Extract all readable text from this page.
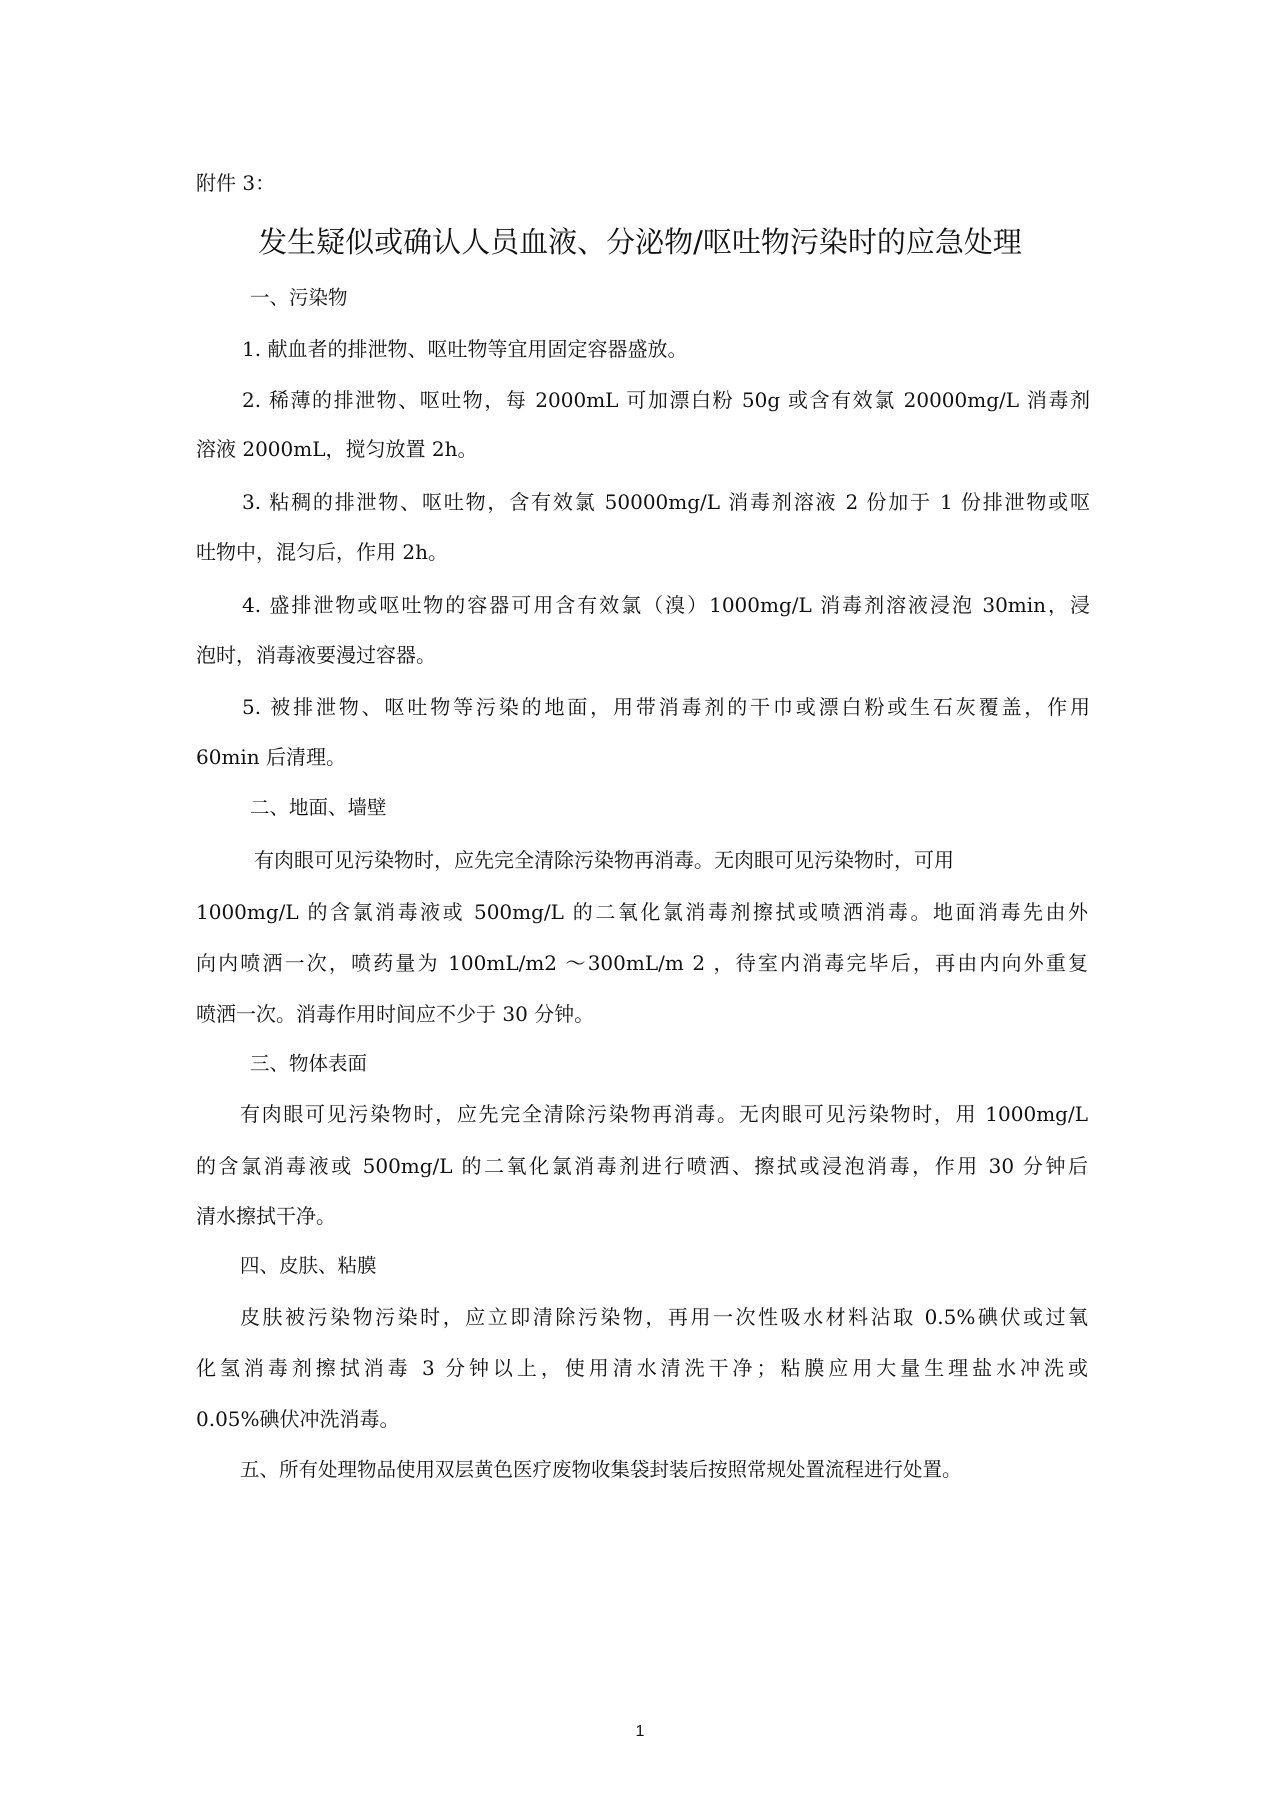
附件 3：
发生疑似或确认人员血液、分泌物/呕吐物污染时的应急处理
一、污染物
1. 献血者的排泄物、呕吐物等宜用固定容器盛放。
2. 稀薄的排泄物、呕吐物，每 2000mL 可加漂白粉 50g 或含有效氯 20000mg/L 消毒剂
溶液 2000mL，搅匀放置 2h。
3. 粘稠的排泄物、呕吐物，含有效氯 50000mg/L 消毒剂溶液 2 份加于 1 份排泄物或呕
吐物中，混匀后，作用 2h。
4. 盛排泄物或呕吐物的容器可用含有效氯（溴）1000mg/L 消毒剂溶液浸泡 30min，浸
泡时，消毒液要漫过容器。
5. 被排泄物、呕吐物等污染的地面，用带消毒剂的干巾或漂白粉或生石灰覆盖，作用
60min 后清理。
二、地面、墙壁
有肉眼可见污染物时，应先完全清除污染物再消毒。无肉眼可见污染物时，可用
1000mg/L 的含氯消毒液或 500mg/L 的二氧化氯消毒剂擦拭或喷洒消毒。地面消毒先由外
向内喷洒一次，喷药量为 100mL/m2 ～300mL/m 2 ，待室内消毒完毕后，再由内向外重复
喷洒一次。消毒作用时间应不少于 30 分钟。
三、物体表面
有肉眼可见污染物时，应先完全清除污染物再消毒。无肉眼可见污染物时，用 1000mg/L
的含氯消毒液或 500mg/L 的二氧化氯消毒剂进行喷洒、擦拭或浸泡消毒，作用 30 分钟后
清水擦拭干净。
四、皮肤、粘膜
皮肤被污染物污染时，应立即清除污染物，再用一次性吸水材料沾取 0.5%碘伏或过氧
化氢消毒剂擦拭消毒 3 分钟以上，使用清水清洗干净；粘膜应用大量生理盐水冲洗或
0.05%碘伏冲洗消毒。
五、所有处理物品使用双层黄色医疗废物收集袋封装后按照常规处置流程进行处置。
1
